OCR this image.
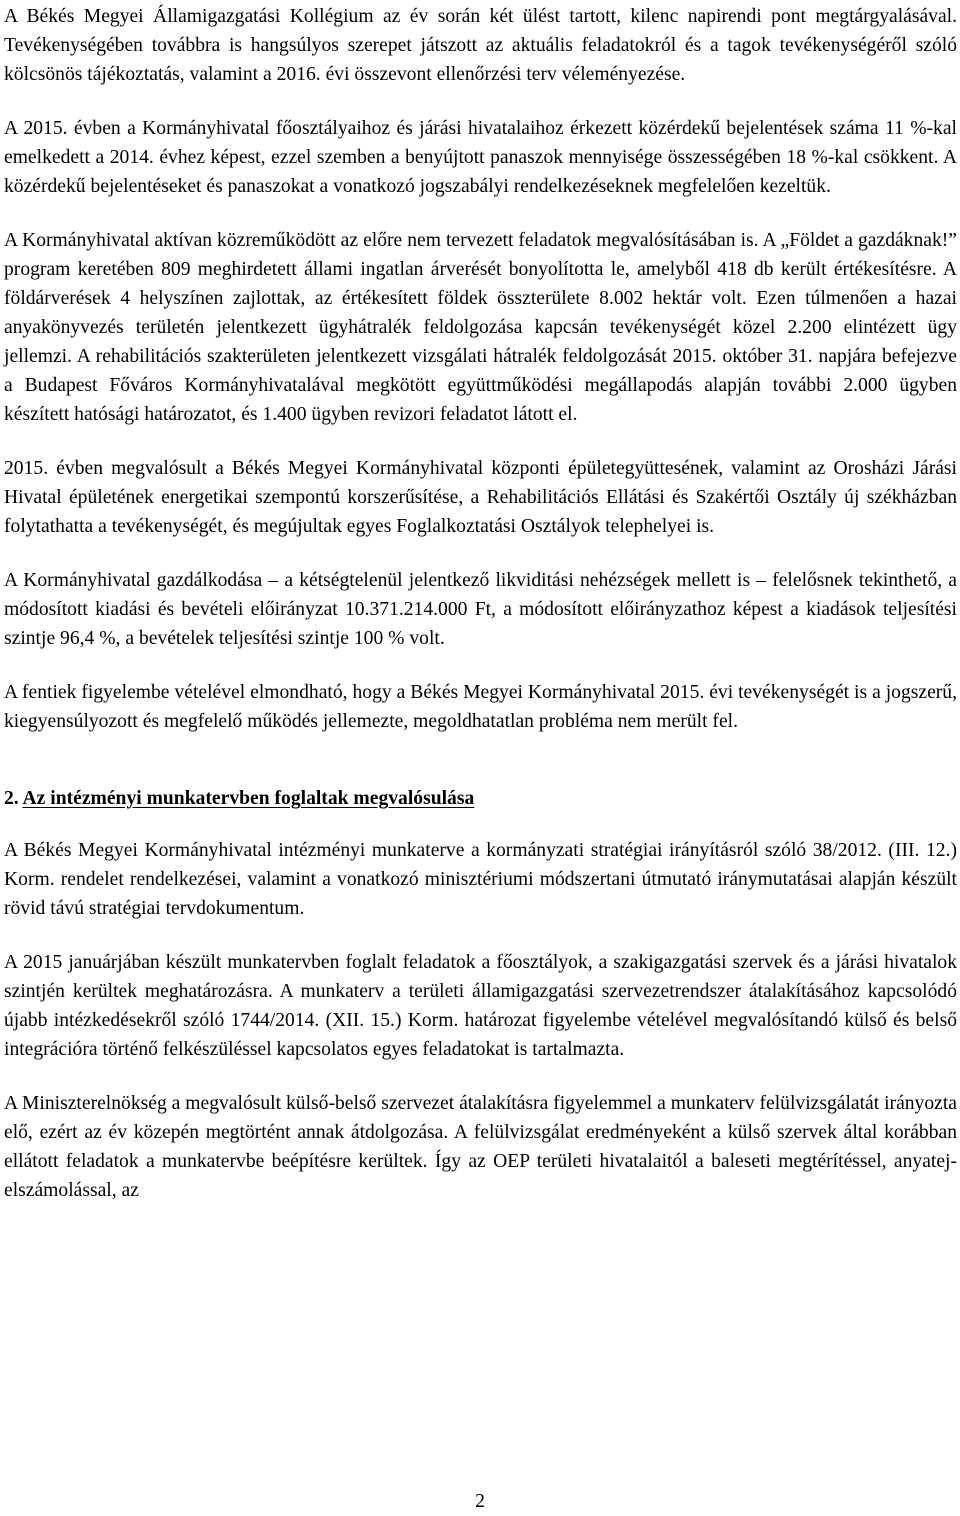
A Békés Megyei Államigazgatási Kollégium az év során két ülést tartott, kilenc napirendi pont megtárgyalásával. Tevékenységében továbbra is hangsúlyos szerepet játszott az aktuális feladatokról és a tagok tevékenységéről szóló kölcsönös tájékoztatás, valamint a 2016. évi összevont ellenőrzési terv véleményezése.

A 2015. évben a Kormányhivatal főosztályaihoz és járási hivatalaihoz érkezett közérdekű bejelentések száma 11 %-kal emelkedett a 2014. évhez képest, ezzel szemben a benyújtott panaszok mennyisége összességében 18 %-kal csökkent. A közérdekű bejelentéseket és panaszokat a vonatkozó jogszabályi rendelkezéseknek megfelelően kezeltük.

A Kormányhivatal aktívan közreműködött az előre nem tervezett feladatok megvalósításában is. A „Földet a gazdáknak!” program keretében 809 meghirdetett állami ingatlan árverését bonyolította le, amelyből 418 db került értékesítésre. A földárverések 4 helyszínen zajlottak, az értékesített földek összterülete 8.002 hektár volt. Ezen túlmenően a hazai anyakönyvezés területén jelentkezett ügyhátralék feldolgozása kapcsán tevékenységét közel 2.200 elintézett ügy jellemzi. A rehabilitációs szakterületen jelentkezett vizsgálati hátralék feldolgozását 2015. október 31. napjára befejezve a Budapest Főváros Kormányhivatalával megkötött együttműködési megállapodás alapján további 2.000 ügyben készített hatósági határozatot, és 1.400 ügyben revizori feladatot látott el.

2015. évben megvalósult a Békés Megyei Kormányhivatal központi épületegyüttesének, valamint az Orosházi Járási Hivatal épületének energetikai szempontú korszerűsítése, a Rehabilitációs Ellátási és Szakértői Osztály új székházban folytathatta a tevékenységét, és megújultak egyes Foglalkoztatási Osztályok telephelyei is.

A Kormányhivatal gazdálkodása – a kétségtelenül jelentkező likviditási nehézségek mellett is – felelősnek tekinthető, a módosított kiadási és bevételi előirányzat 10.371.214.000 Ft, a módosított előirányzathoz képest a kiadások teljesítési szintje 96,4 %, a bevételek teljesítési szintje 100 % volt.

A fentiek figyelembe vételével elmondható, hogy a Békés Megyei Kormányhivatal 2015. évi tevékenységét is a jogszerű, kiegyensúlyozott és megfelelő működés jellemezte, megoldhatatlan probléma nem merült fel.

2. Az intézményi munkatervben foglaltak megvalósulása

A Békés Megyei Kormányhivatal intézményi munkaterve a kormányzati stratégiai irányításról szóló 38/2012. (III. 12.) Korm. rendelet rendelkezései, valamint a vonatkozó minisztériumi módszertani útmutató iránymutatásai alapján készült rövid távú stratégiai tervdokumentum.

A 2015 januárjában készült munkatervben foglalt feladatok a főosztályok, a szakigazgatási szervek és a járási hivatalok szintjén kerültek meghatározásra. A munkaterv a területi államigazgatási szervezetrendszer átalakításához kapcsolódó újabb intézkedésekről szóló 1744/2014. (XII. 15.) Korm. határozat figyelembe vételével megvalósítandó külső és belső integrációra történő felkészüléssel kapcsolatos egyes feladatokat is tartalmazta.

A Miniszterelnökség a megvalósult külső-belső szervezet átalakításra figyelemmel a munkaterv felülvizsgálatát irányozta elő, ezért az év közepén megtörtént annak átdolgozása. A felülvizsgálat eredményeként a külső szervek által korábban ellátott feladatok a munkatervbe beépítésre kerültek. Így az OEP területi hivatalaitól a baleseti megtérítéssel, anyatej-elszámolással, az

2
